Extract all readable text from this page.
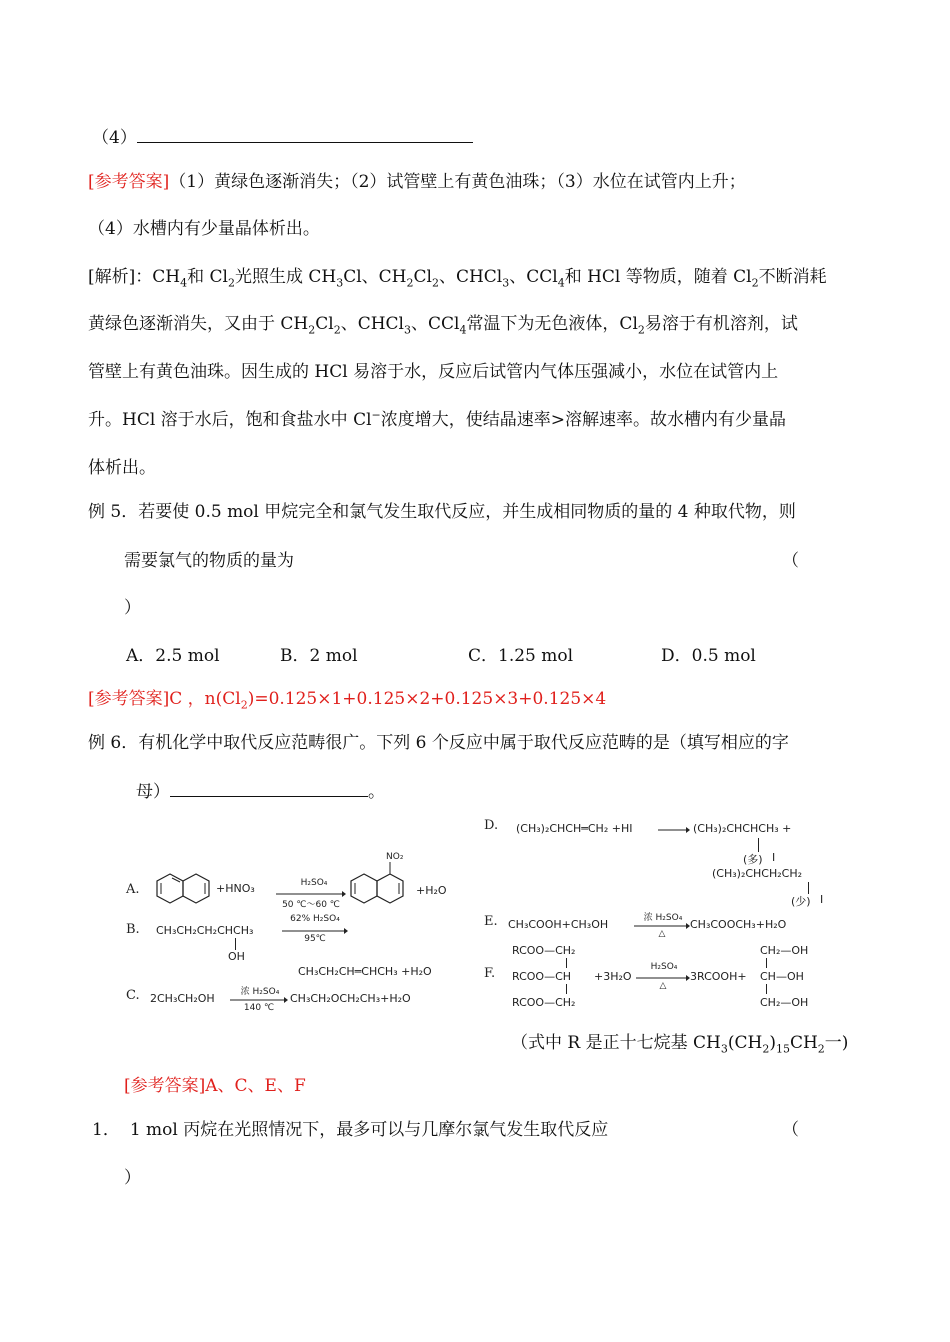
（4）
[参考答案]（1）黄绿色逐渐消失；（2）试管壁上有黄色油珠；（3）水位在试管内上升；
（4）水槽内有少量晶体析出。
[解析]：$CH_4$和 $Cl_2$光照生成 $CH_3Cl$、$CH_2Cl_2$、CHCl$_3$、CCl$_4$和 HCl 等物质，随着 $Cl_2$不断消耗
黄绿色逐渐消失，又由于 $CH_2Cl_2$、CHCl$_3$、CCl$_4$常温下为无色液体，$Cl_2$易溶于有机溶剂，试
管壁上有黄色油珠。因生成的 HCl 易溶于水，反应后试管内气体压强减小，水位在试管内上
升。HCl 溶于水后，饱和食盐水中 Cl−浓度增大，使结晶速率>溶解速率。故水槽内有少量晶
体析出。
例 5．若要使 0.5 mol 甲烷完全和氯气发生取代反应，并生成相同物质的量的 4 种取代物，则
需要氯气的物质的量为	（
）
A．2.5 mol	B．2 mol	C．1.25 mol	D．0.5 mol
[参考答案]C ，$n(Cl_2)=0.125\times 1+0.125\times 2+0.125\times 3+0.125\times 4$
例 6．有机化学中取代反应范畴很广。下列 6 个反应中属于取代反应范畴的是（填写相应的字
母）	。
D. (CH₃)₂CHCH═CH₂ +HI	(CH₃)₂CHCHCH₃ +
(多) I
(CH₃)₂CHCH₂CH₂
(少) I
A.	+HNO₃	H₂SO₄
50 ℃～60 ℃
NO₂
+H₂O
E. CH₃COOH+CH₃OH	浓 H₂SO₄
△
CH₃COOCH₃+H₂O
B. CH₃CH₂CH₂CHCH₃
OH
62% H₂SO₄
95℃
CH₃CH₂CH═CHCH₃ +H₂O	F.
RCOO—CH₂
RCOO—CH
RCOO—CH₂
+3H₂O
H₂SO₄
△
3RCOOH+
CH₂—OH
CH—OH
CH₂—OH
C. 2CH₃CH₂OH	浓 H₂SO₄
140 ℃
CH₃CH₂OCH₂CH₃+H₂O
（式中 R 是正十七烷基 $CH_3(CH_2)_{15}CH_2$一)
[参考答案]A、C、E、F
1． 1 mol 丙烷在光照情况下，最多可以与几摩尔氯气发生取代反应	（
）
